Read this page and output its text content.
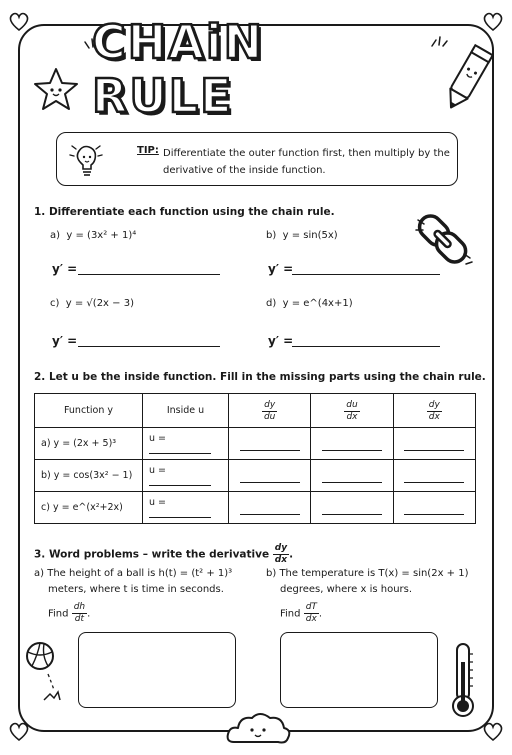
CHAiN RULE
TIP: Differentiate the outer function first, then multiply by the derivative of the inside function.
1. Differentiate each function using the chain rule.
a) y = (3x² + 1)⁴	b) y = sin(5x)
y′ =	y′ =
c) y = √(2x − 3)	d) y = e^(4x+1)
y′ =	y′ =
2. Let u be the inside function. Fill in the missing parts using the chain rule.
Function y	Inside u	$\frac{dy}{du}$	$\frac{du}{dx}$	$\frac{dy}{dx}$

a) y = (2x + 5)³	u =	

b) y = cos(3x² − 1)	u =	

c) y = e^(x²+2x)	u =	

3. Word problems – write the derivative $\frac{dy}{dx}$ .
a) The height of a ball is h(t) = (t² + 1)³
meters, where t is time in seconds.
Find $\frac{dh}{dt}$ .
b) The temperature is T(x) = sin(2x + 1)
degrees, where x is hours.
Find $\frac{dT}{dx}$ .
